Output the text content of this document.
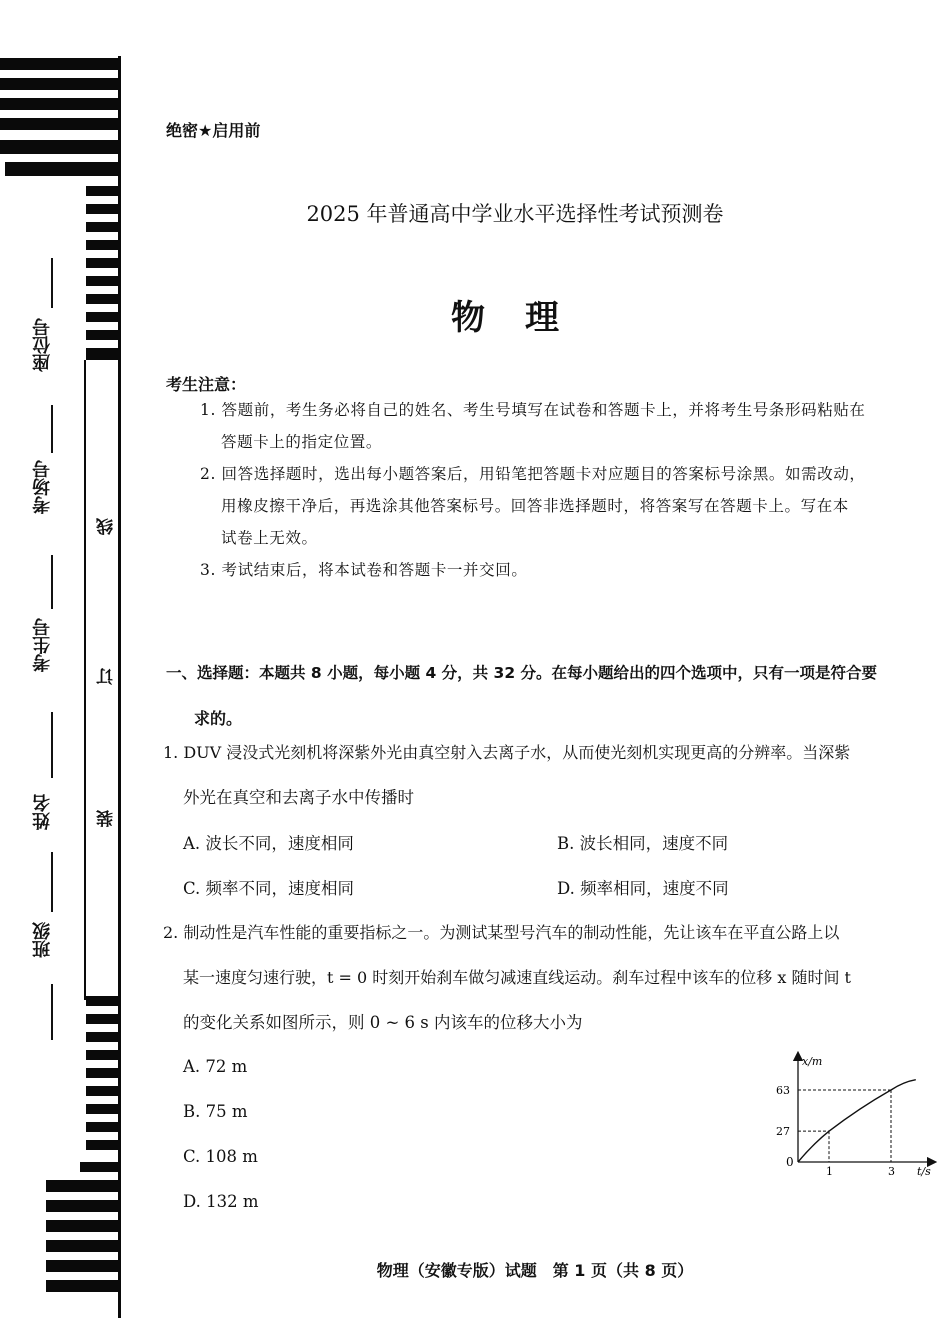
座位号
考场号
考生号
姓名
班级
线
订
装
绝密★启用前
2025 年普通高中学业水平选择性考试预测卷
物理
考生注意：
1. 答题前，考生务必将自己的姓名、考生号填写在试卷和答题卡上，并将考生号条形码粘贴在
答题卡上的指定位置。
2. 回答选择题时，选出每小题答案后，用铅笔把答题卡对应题目的答案标号涂黑。如需改动，
用橡皮擦干净后，再选涂其他答案标号。回答非选择题时，将答案写在答题卡上。写在本
试卷上无效。
3. 考试结束后，将本试卷和答题卡一并交回。
一、选择题：本题共 8 小题，每小题 4 分，共 32 分。在每小题给出的四个选项中，只有一项是符合要
求的。
1. DUV 浸没式光刻机将深紫外光由真空射入去离子水，从而使光刻机实现更高的分辨率。当深紫
外光在真空和去离子水中传播时
A. 波长不同，速度相同	B. 波长相同，速度不同
C. 频率不同，速度相同	D. 频率相同，速度不同
2. 制动性是汽车性能的重要指标之一。为测试某型号汽车的制动性能，先让该车在平直公路上以
某一速度匀速行驶，t = 0 时刻开始刹车做匀减速直线运动。刹车过程中该车的位移 x 随时间 t
的变化关系如图所示，则 0 ~ 6 s 内该车的位移大小为
A. 72 m
B. 75 m
C. 108 m
D. 132 m
x/m
t/s
0
27
1
63
3
物理（安徽专版）试题　第 1 页（共 8 页）
